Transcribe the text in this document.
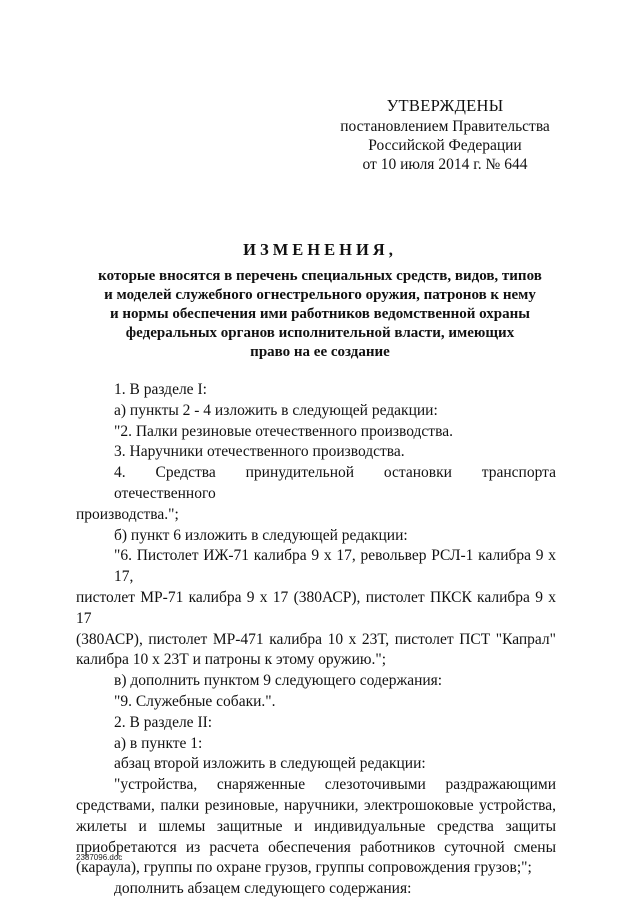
УТВЕРЖДЕНЫ
постановлением Правительства
Российской Федерации
от 10 июля 2014 г. № 644
ИЗМЕНЕНИЯ,
которые вносятся в перечень специальных средств, видов, типов
и моделей служебного огнестрельного оружия, патронов к нему
и нормы обеспечения ими работников ведомственной охраны
федеральных органов исполнительной власти, имеющих
право на ее создание

1. В разделе I:

а) пункты 2 - 4 изложить в следующей редакции:

"2. Палки резиновые отечественного производства.

3. Наручники отечественного производства.

4. Средства принудительной остановки транспорта отечественного
производства.";

б) пункт 6 изложить в следующей редакции:

"6. Пистолет ИЖ-71 калибра 9 х 17, револьвер РСЛ-1 калибра 9 х 17,
пистолет МР-71 калибра 9 х 17 (380АСР), пистолет ПКСК калибра 9 х 17
(380АСР), пистолет МР-471 калибра 10 х 23Т, пистолет ПСТ "Капрал"
калибра 10 х 23Т и патроны к этому оружию.";

в) дополнить пунктом 9 следующего содержания:

"9. Служебные собаки.".

2. В разделе II:

а) в пункте 1:

абзац второй изложить в следующей редакции:

"устройства, снаряженные слезоточивыми раздражающими
средствами, палки резиновые, наручники, электрошоковые устройства,
жилеты и шлемы защитные и индивидуальные средства защиты
приобретаются из расчета обеспечения работников суточной смены
(караула), группы по охране грузов, группы сопровождения грузов;";

дополнить абзацем следующего содержания:

2387096.doc
